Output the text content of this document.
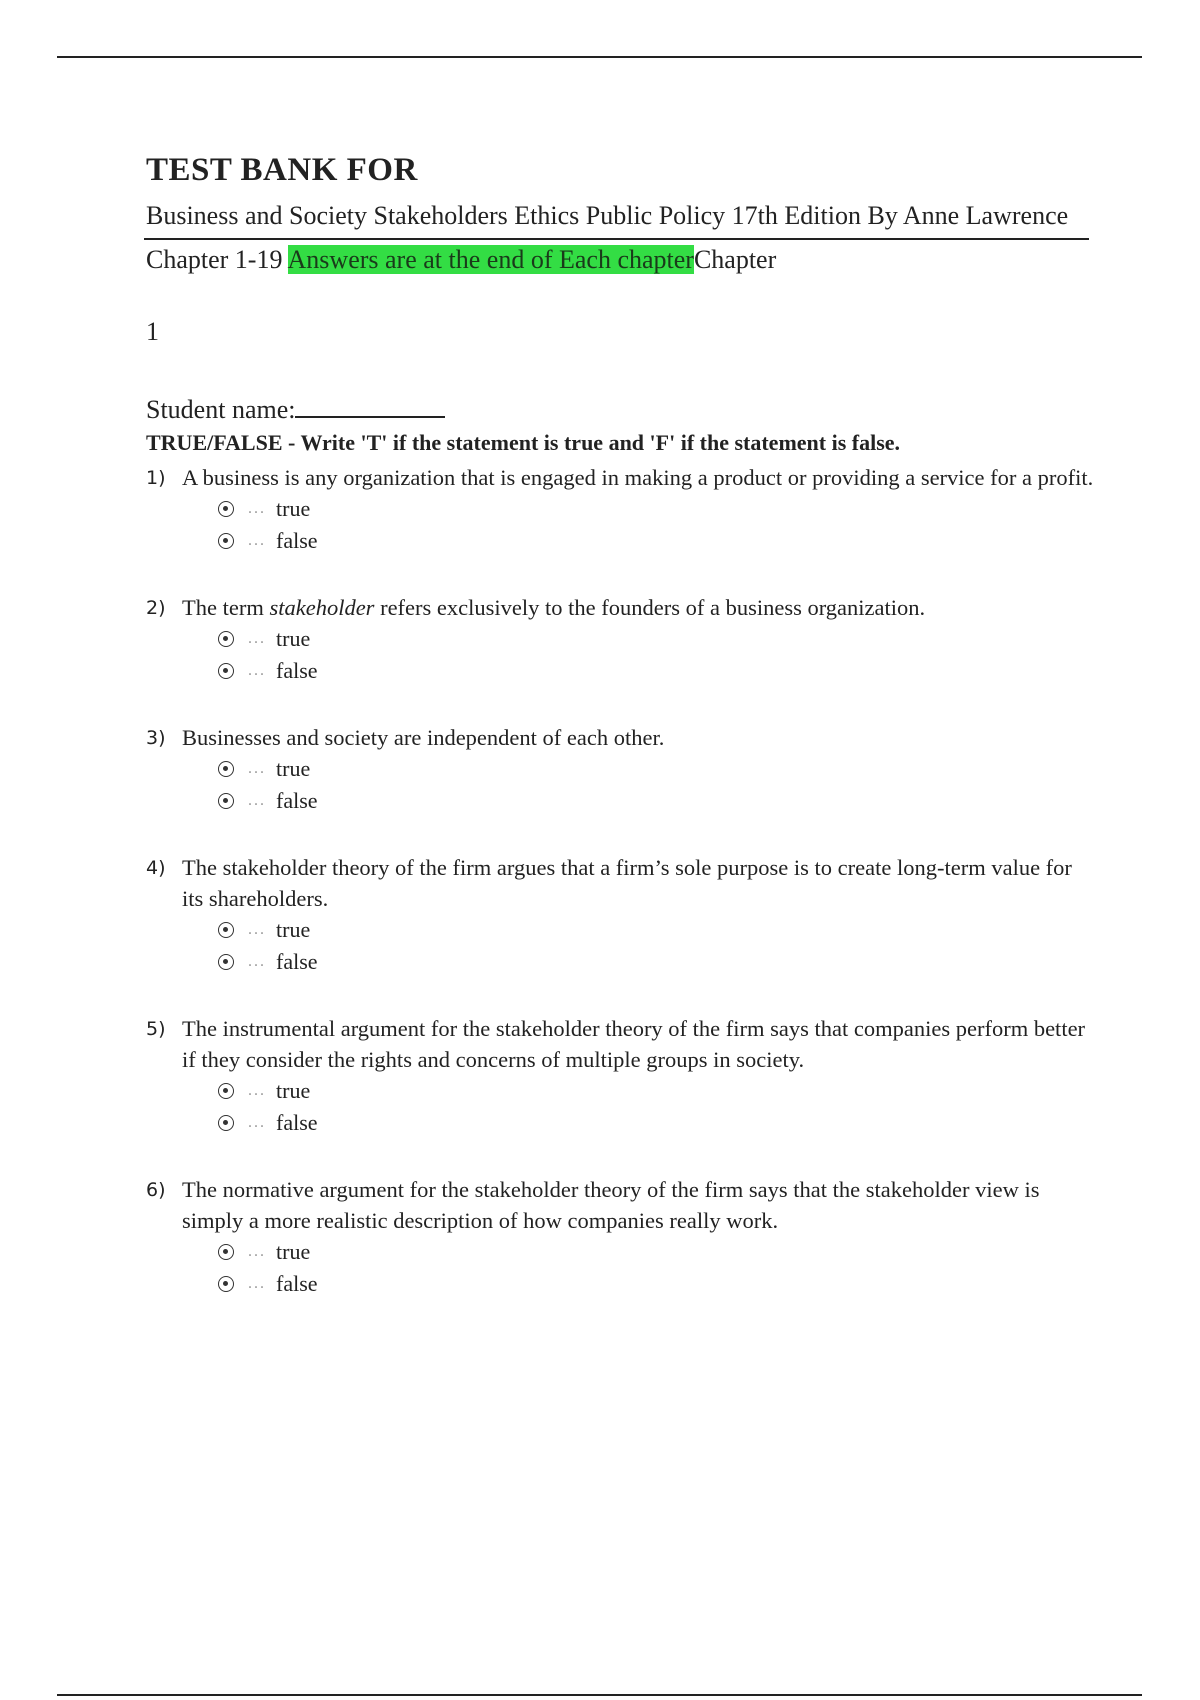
TEST BANK FOR

Business and Society Stakeholders Ethics Public Policy 17th Edition By Anne Lawrence

Chapter 1-19 Answers are at the end of Each chapterChapter

1
Student name:
TRUE/FALSE - Write 'T' if the statement is true and 'F' if the statement is false.
1) A business is any organization that is engaged in making a product or providing a service for a profit.
... true
... false
2) The term stakeholder refers exclusively to the founders of a business organization.
... true
... false
3) Businesses and society are independent of each other.
... true
... false
4) The stakeholder theory of the firm argues that a firm’s sole purpose is to create long-term value for its shareholders.
... true
... false
5) The instrumental argument for the stakeholder theory of the firm says that companies perform better if they consider the rights and concerns of multiple groups in society.
... true
... false
6) The normative argument for the stakeholder theory of the firm says that the stakeholder view is simply a more realistic description of how companies really work.
... true
... false
